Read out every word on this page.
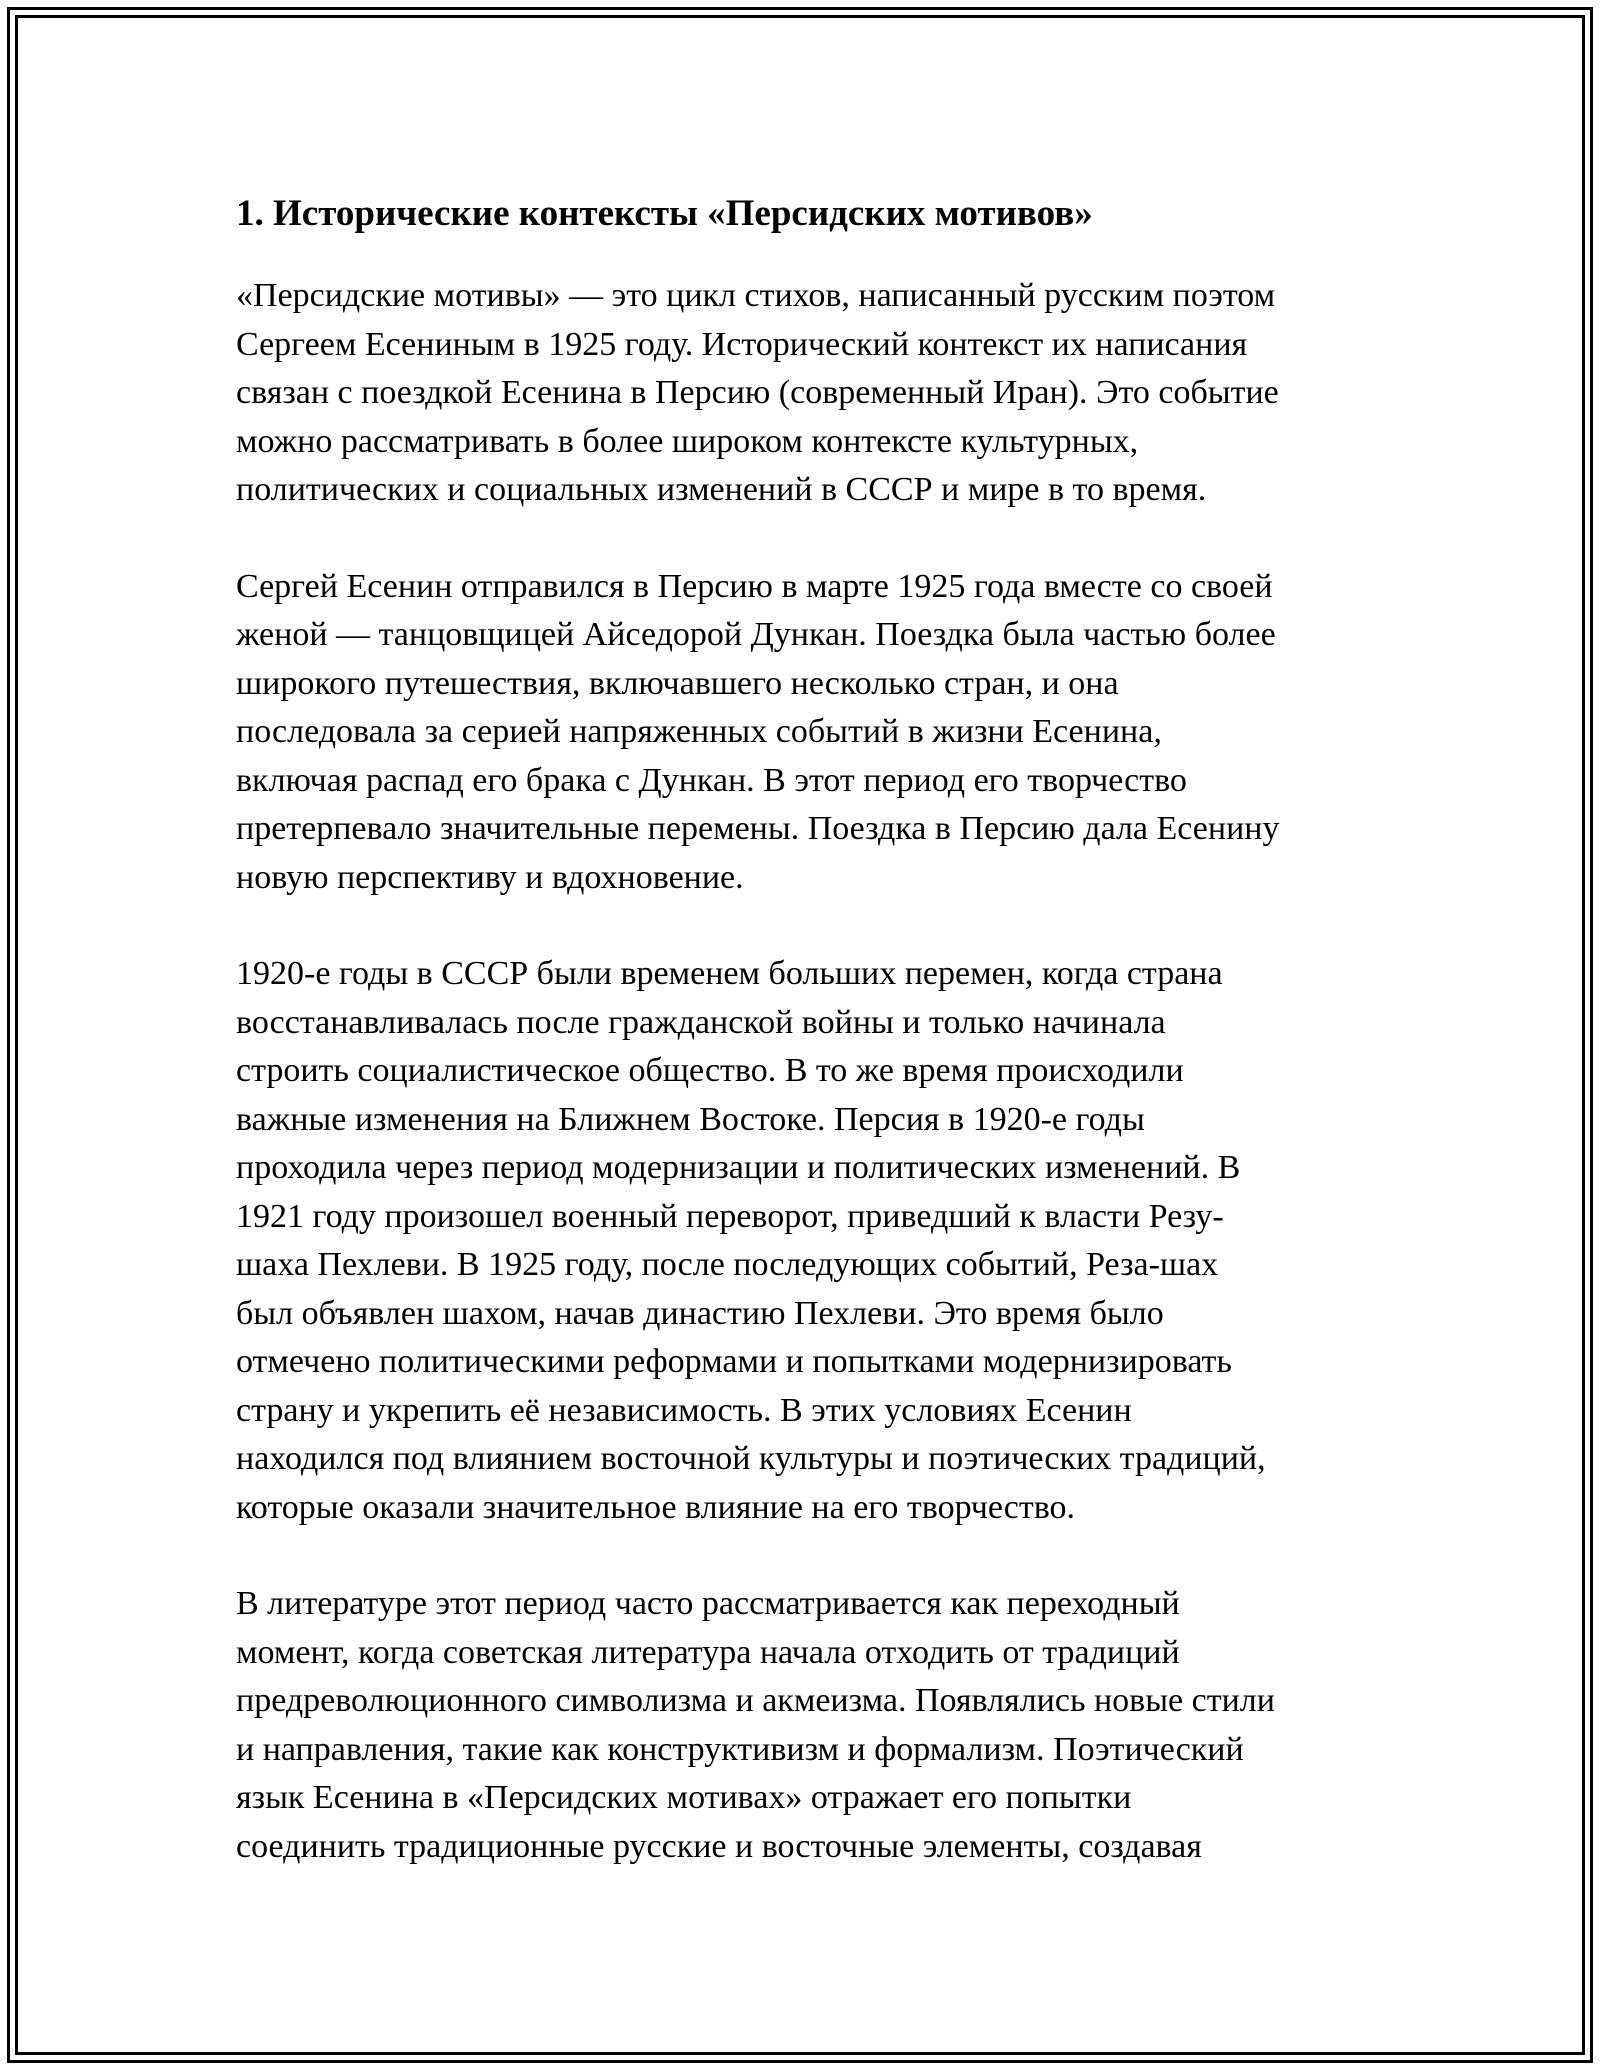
1. Исторические контексты «Персидских мотивов»

«Персидские мотивы» — это цикл стихов, написанный русским поэтом
Сергеем Есениным в 1925 году. Исторический контекст их написания
связан с поездкой Есенина в Персию (современный Иран). Это событие
можно рассматривать в более широком контексте культурных,
политических и социальных изменений в СССР и мире в то время.

Сергей Есенин отправился в Персию в марте 1925 года вместе со своей
женой — танцовщицей Айседорой Дункан. Поездка была частью более
широкого путешествия, включавшего несколько стран, и она
последовала за серией напряженных событий в жизни Есенина,
включая распад его брака с Дункан. В этот период его творчество
претерпевало значительные перемены. Поездка в Персию дала Есенину
новую перспективу и вдохновение.

1920-е годы в СССР были временем больших перемен, когда страна
восстанавливалась после гражданской войны и только начинала
строить социалистическое общество. В то же время происходили
важные изменения на Ближнем Востоке. Персия в 1920-е годы
проходила через период модернизации и политических изменений. В
1921 году произошел военный переворот, приведший к власти Резу-
шаха Пехлеви. В 1925 году, после последующих событий, Реза-шах
был объявлен шахом, начав династию Пехлеви. Это время было
отмечено политическими реформами и попытками модернизировать
страну и укрепить её независимость. В этих условиях Есенин
находился под влиянием восточной культуры и поэтических традиций,
которые оказали значительное влияние на его творчество.

В литературе этот период часто рассматривается как переходный
момент, когда советская литература начала отходить от традиций
предреволюционного символизма и акмеизма. Появлялись новые стили
и направления, такие как конструктивизм и формализм. Поэтический
язык Есенина в «Персидских мотивах» отражает его попытки
соединить традиционные русские и восточные элементы, создавая
